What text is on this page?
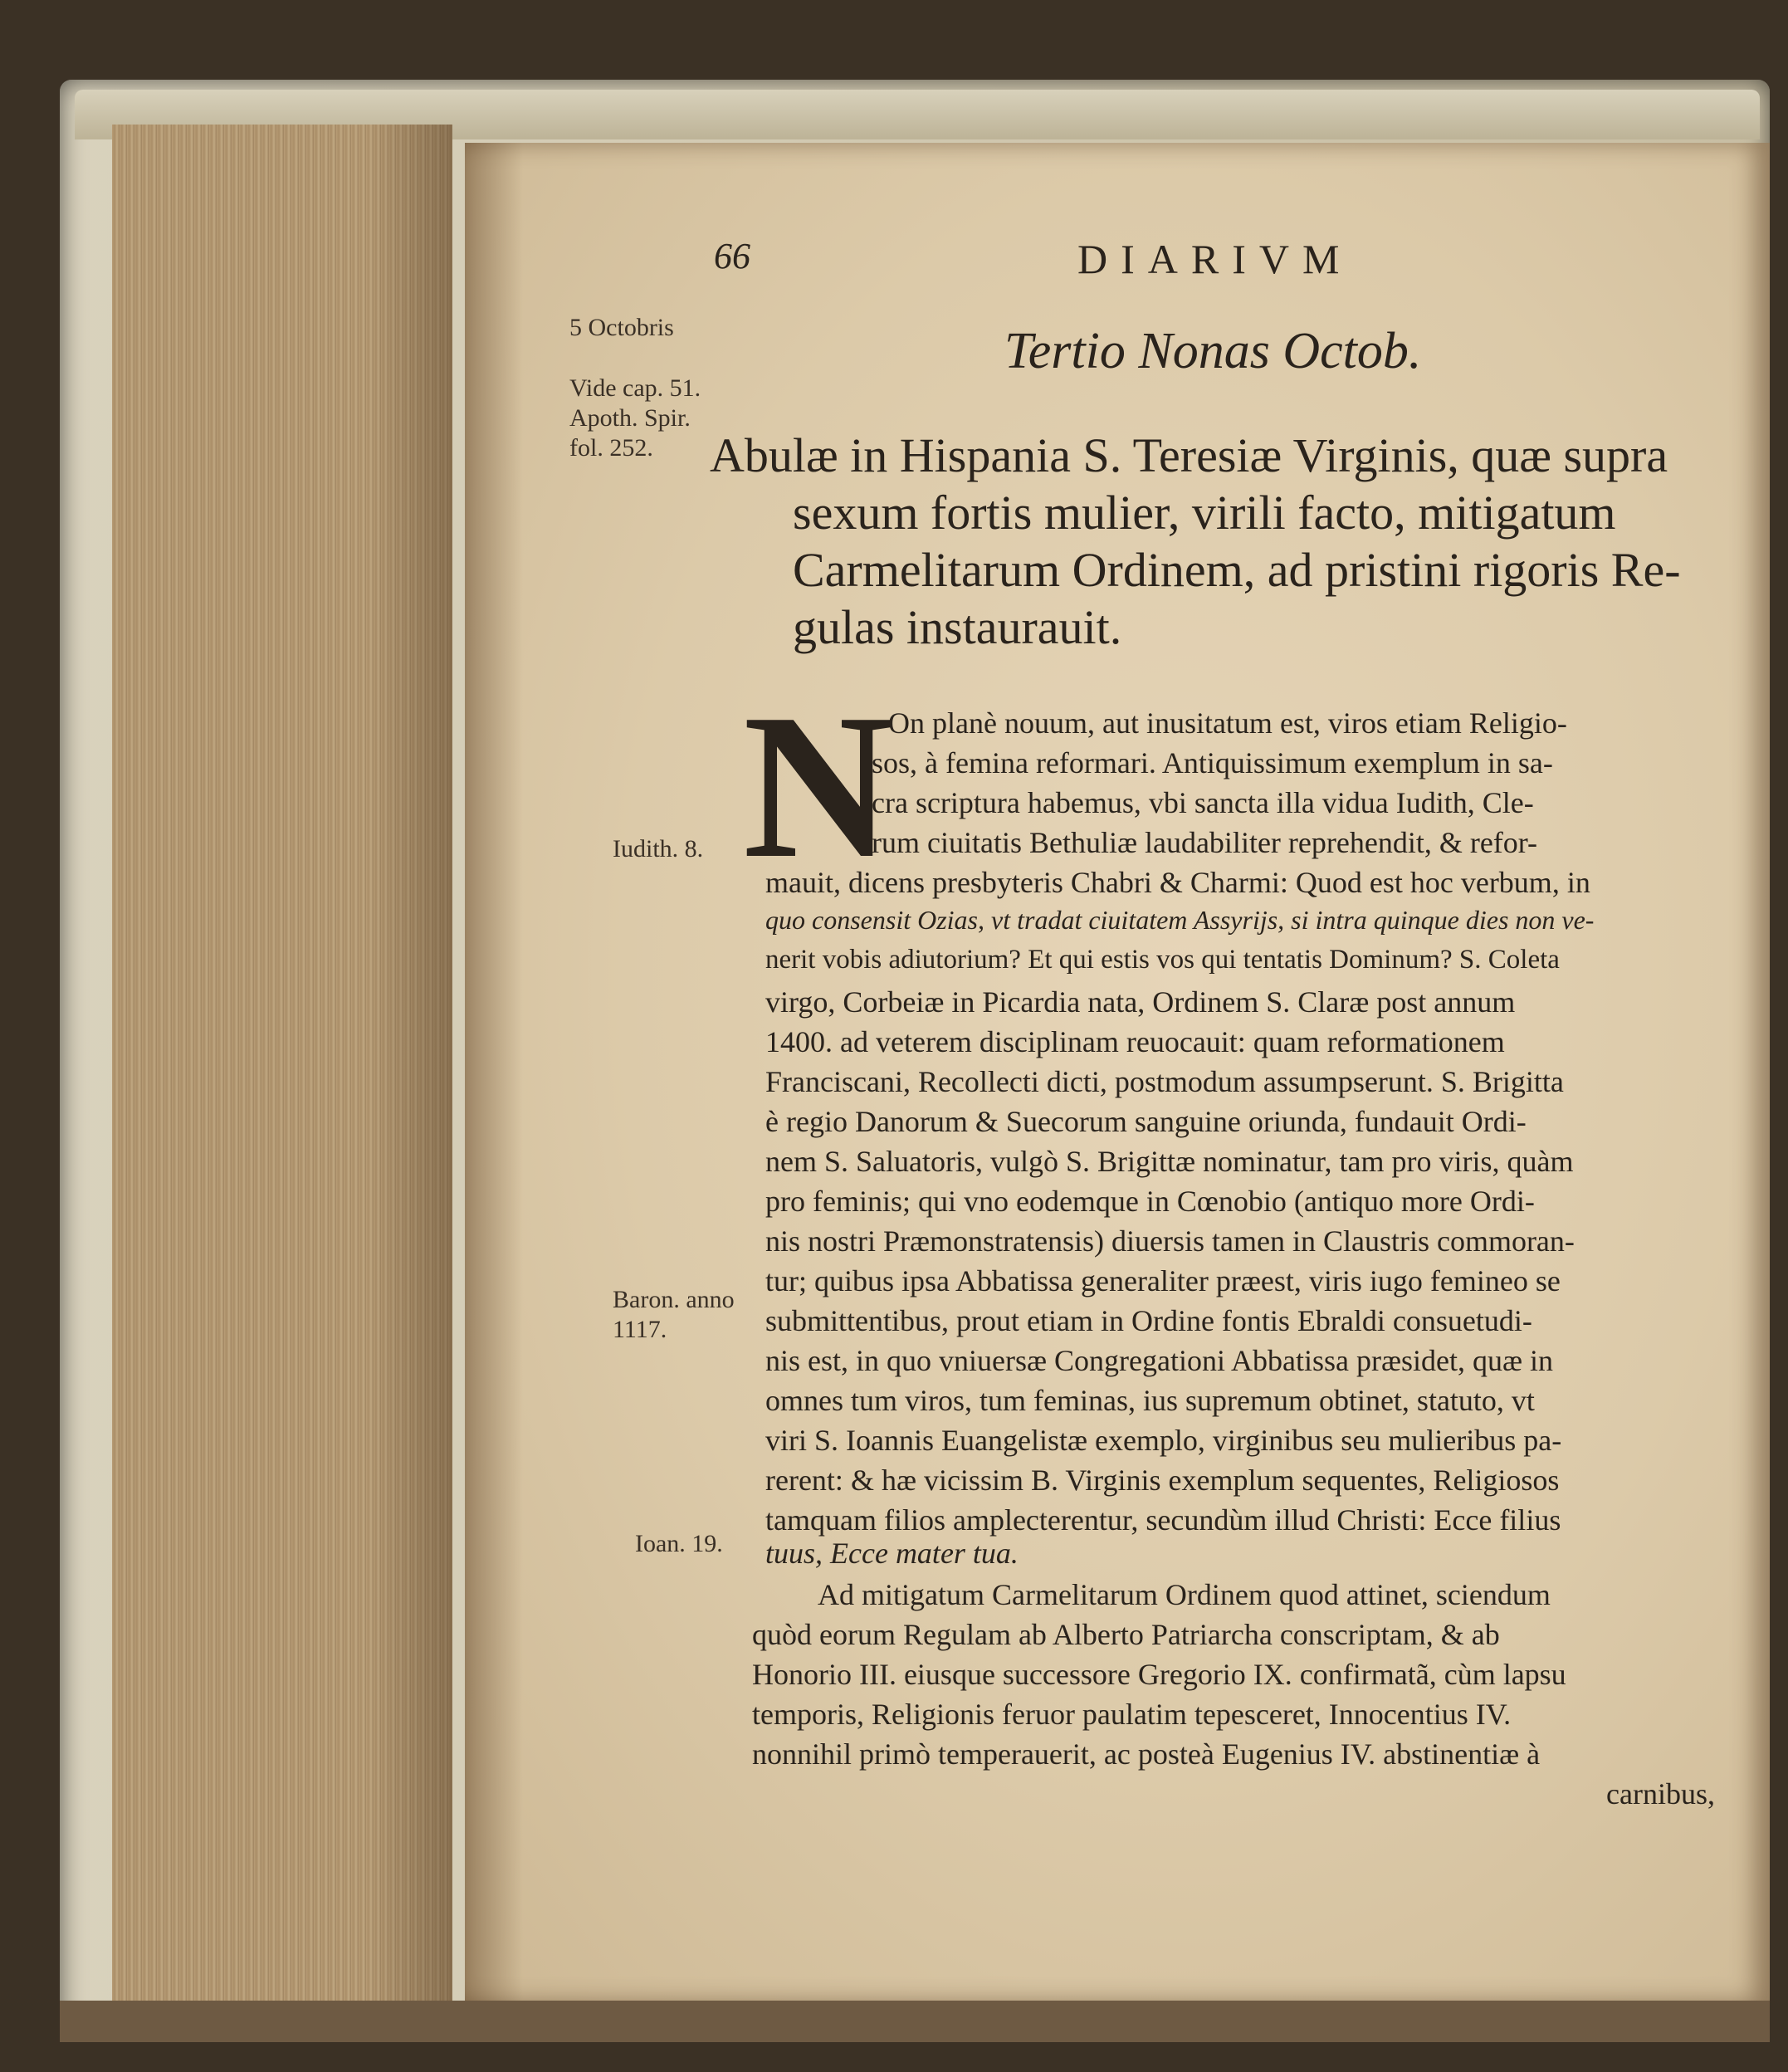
66	DIARIVM
5 Octobris
Vide cap. 51. Apoth. Spir. fol. 252.
Tertio Nonas Octob.
Abulæ in Hispania S. Teresiæ Virginis, quæ supra
sexum fortis mulier, virili facto, mitigatum
Carmelitarum Ordinem, ad pristini rigoris Re-
gulas instaurauit.
N
On planè nouum, aut inusitatum est, viros etiam Religio-
sos, à femina reformari. Antiquissimum exemplum in sa-
cra scriptura habemus, vbi sancta illa vidua Iudith, Cle-
Iudith. 8.	rum ciuitatis Bethuliæ laudabiliter reprehendit, & refor-
mauit, dicens presbyteris Chabri & Charmi: Quod est hoc verbum, in
quo consensit Ozias, vt tradat ciuitatem Assyrijs, si intra quinque dies non ve-
nerit vobis adiutorium? Et qui estis vos qui tentatis Dominum? S. Coleta
virgo, Corbeiæ in Picardia nata, Ordinem S. Claræ post annum
1400. ad veterem disciplinam reuocauit: quam reformationem
Franciscani, Recollecti dicti, postmodum assumpserunt. S. Brigitta
è regio Danorum & Suecorum sanguine oriunda, fundauit Ordi-
nem S. Saluatoris, vulgò S. Brigittæ nominatur, tam pro viris, quàm
pro feminis; qui vno eodemque in Cœnobio (antiquo more Ordi-
nis nostri Præmonstratensis) diuersis tamen in Claustris commoran-
tur; quibus ipsa Abbatissa generaliter præest, viris iugo femineo se
Baron. anno 1117.	submittentibus, prout etiam in Ordine fontis Ebraldi consuetudi-
nis est, in quo vniuersæ Congregationi Abbatissa præsidet, quæ in
omnes tum viros, tum feminas, ius supremum obtinet, statuto, vt
viri S. Ioannis Euangelistæ exemplo, virginibus seu mulieribus pa-
rerent: & hæ vicissim B. Virginis exemplum sequentes, Religiosos
tamquam filios amplecterentur, secundùm illud Christi: Ecce filius
Ioan. 19. tuus, Ecce mater tua.
Ad mitigatum Carmelitarum Ordinem quod attinet, sciendum
quòd eorum Regulam ab Alberto Patriarcha conscriptam, & ab
Honorio III. eiusque successore Gregorio IX. confirmatã, cùm lapsu
temporis, Religionis feruor paulatim tepesceret, Innocentius IV.
nonnihil primò temperauerit, ac posteà Eugenius IV. abstinentiæ à
carnibus,
